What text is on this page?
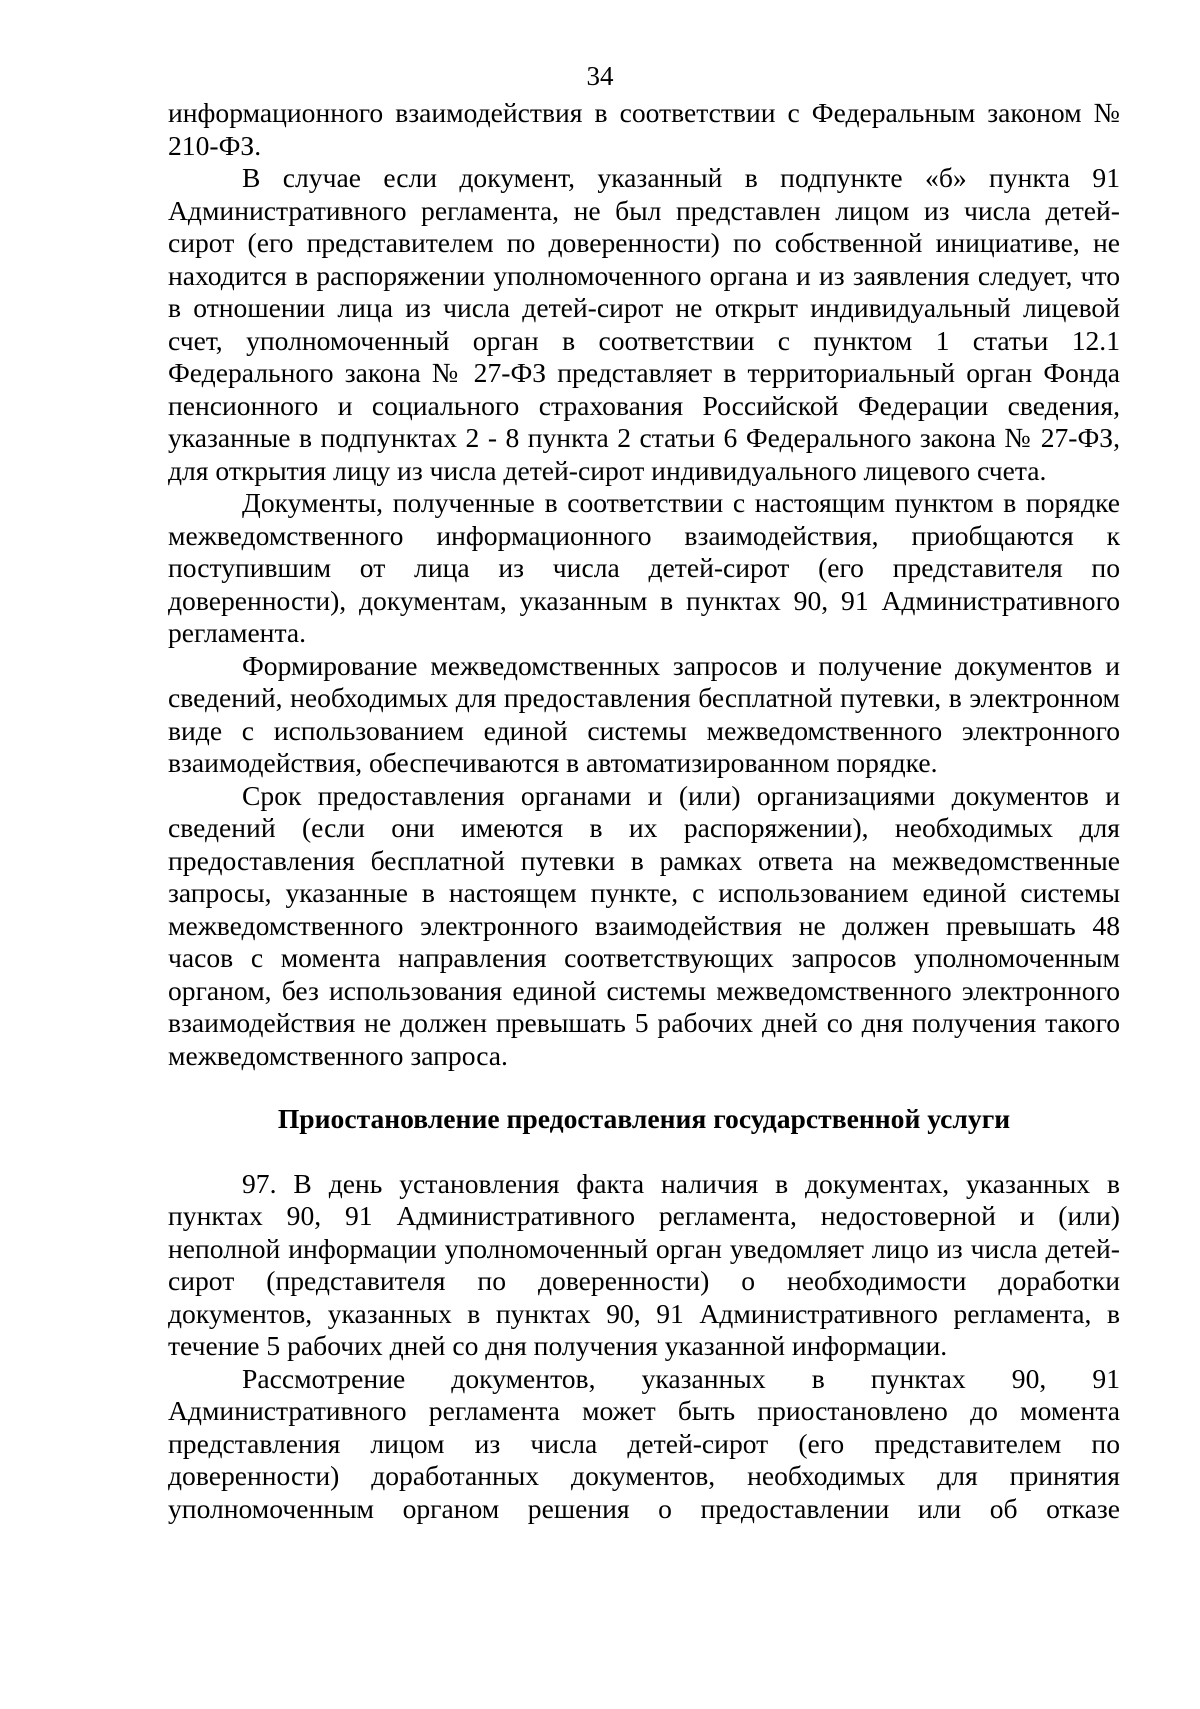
34

информационного взаимодействия в соответствии с Федеральным законом № 210-ФЗ.

В случае если документ, указанный в подпункте «б» пункта 91 Административного регламента, не был представлен лицом из числа детей-сирот (его представителем по доверенности) по собственной инициативе, не находится в распоряжении уполномоченного органа и из заявления следует, что в отношении лица из числа детей-сирот не открыт индивидуальный лицевой счет, уполномоченный орган в соответствии с пунктом 1 статьи 12.1 Федерального закона № 27-ФЗ представляет в территориальный орган Фонда пенсионного и социального страхования Российской Федерации сведения, указанные в подпунктах 2 - 8 пункта 2 статьи 6 Федерального закона № 27-ФЗ, для открытия лицу из числа детей-сирот индивидуального лицевого счета.

Документы, полученные в соответствии с настоящим пунктом в порядке межведомственного информационного взаимодействия, приобщаются к поступившим от лица из числа детей-сирот (его представителя по доверенности), документам, указанным в пунктах 90, 91 Административного регламента.

Формирование межведомственных запросов и получение документов и сведений, необходимых для предоставления бесплатной путевки, в электронном виде с использованием единой системы межведомственного электронного взаимодействия, обеспечиваются в автоматизированном порядке.

Срок предоставления органами и (или) организациями документов и сведений (если они имеются в их распоряжении), необходимых для предоставления бесплатной путевки в рамках ответа на межведомственные запросы, указанные в настоящем пункте, с использованием единой системы межведомственного электронного взаимодействия не должен превышать 48 часов с момента направления соответствующих запросов уполномоченным органом, без использования единой системы межведомственного электронного взаимодействия не должен превышать 5 рабочих дней со дня получения такого межведомственного запроса.

Приостановление предоставления государственной услуги

97. В день установления факта наличия в документах, указанных в пунктах 90, 91 Административного регламента, недостоверной и (или) неполной информации уполномоченный орган уведомляет лицо из числа детей-сирот (представителя по доверенности) о необходимости доработки документов, указанных в пунктах 90, 91 Административного регламента, в течение 5 рабочих дней со дня получения указанной информации.

Рассмотрение документов, указанных в пунктах 90, 91 Административного регламента может быть приостановлено до момента представления лицом из числа детей-сирот (его представителем по доверенности) доработанных документов, необходимых для принятия уполномоченным органом решения о предоставлении или об отказе
